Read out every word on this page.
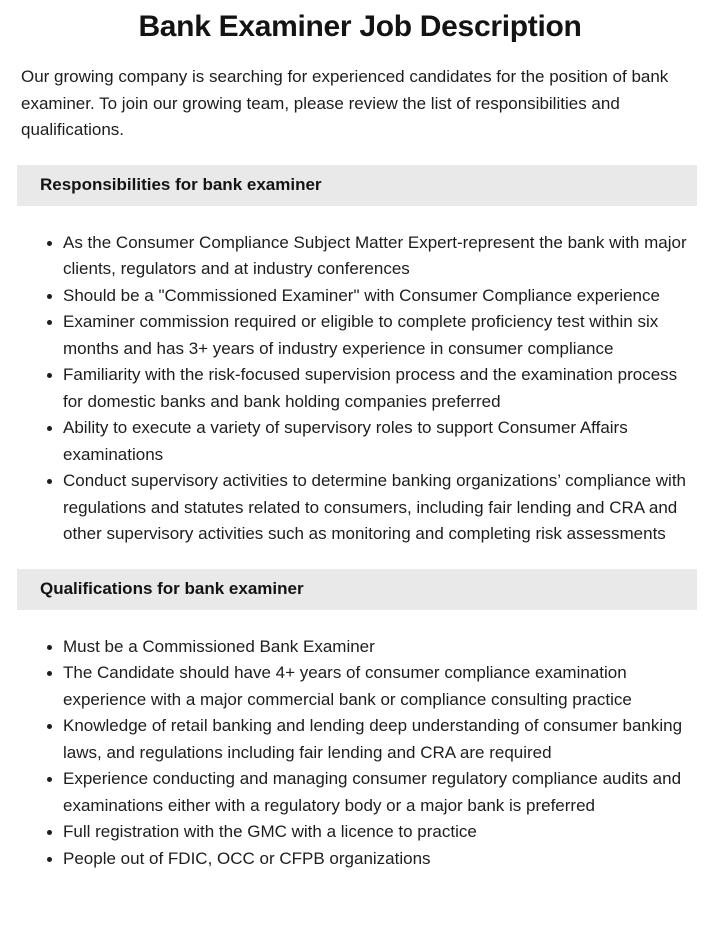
Bank Examiner Job Description

Our growing company is searching for experienced candidates for the position of bank examiner. To join our growing team, please review the list of responsibilities and qualifications.

Responsibilities for bank examiner
As the Consumer Compliance Subject Matter Expert-represent the bank with major clients, regulators and at industry conferences
Should be a "Commissioned Examiner" with Consumer Compliance experience
Examiner commission required or eligible to complete proficiency test within six months and has 3+ years of industry experience in consumer compliance
Familiarity with the risk-focused supervision process and the examination process for domestic banks and bank holding companies preferred
Ability to execute a variety of supervisory roles to support Consumer Affairs examinations
Conduct supervisory activities to determine banking organizations’ compliance with regulations and statutes related to consumers, including fair lending and CRA and other supervisory activities such as monitoring and completing risk assessments
Qualifications for bank examiner
Must be a Commissioned Bank Examiner
The Candidate should have 4+ years of consumer compliance examination experience with a major commercial bank or compliance consulting practice
Knowledge of retail banking and lending deep understanding of consumer banking laws, and regulations including fair lending and CRA are required
Experience conducting and managing consumer regulatory compliance audits and examinations either with a regulatory body or a major bank is preferred
Full registration with the GMC with a licence to practice
People out of FDIC, OCC or CFPB organizations
